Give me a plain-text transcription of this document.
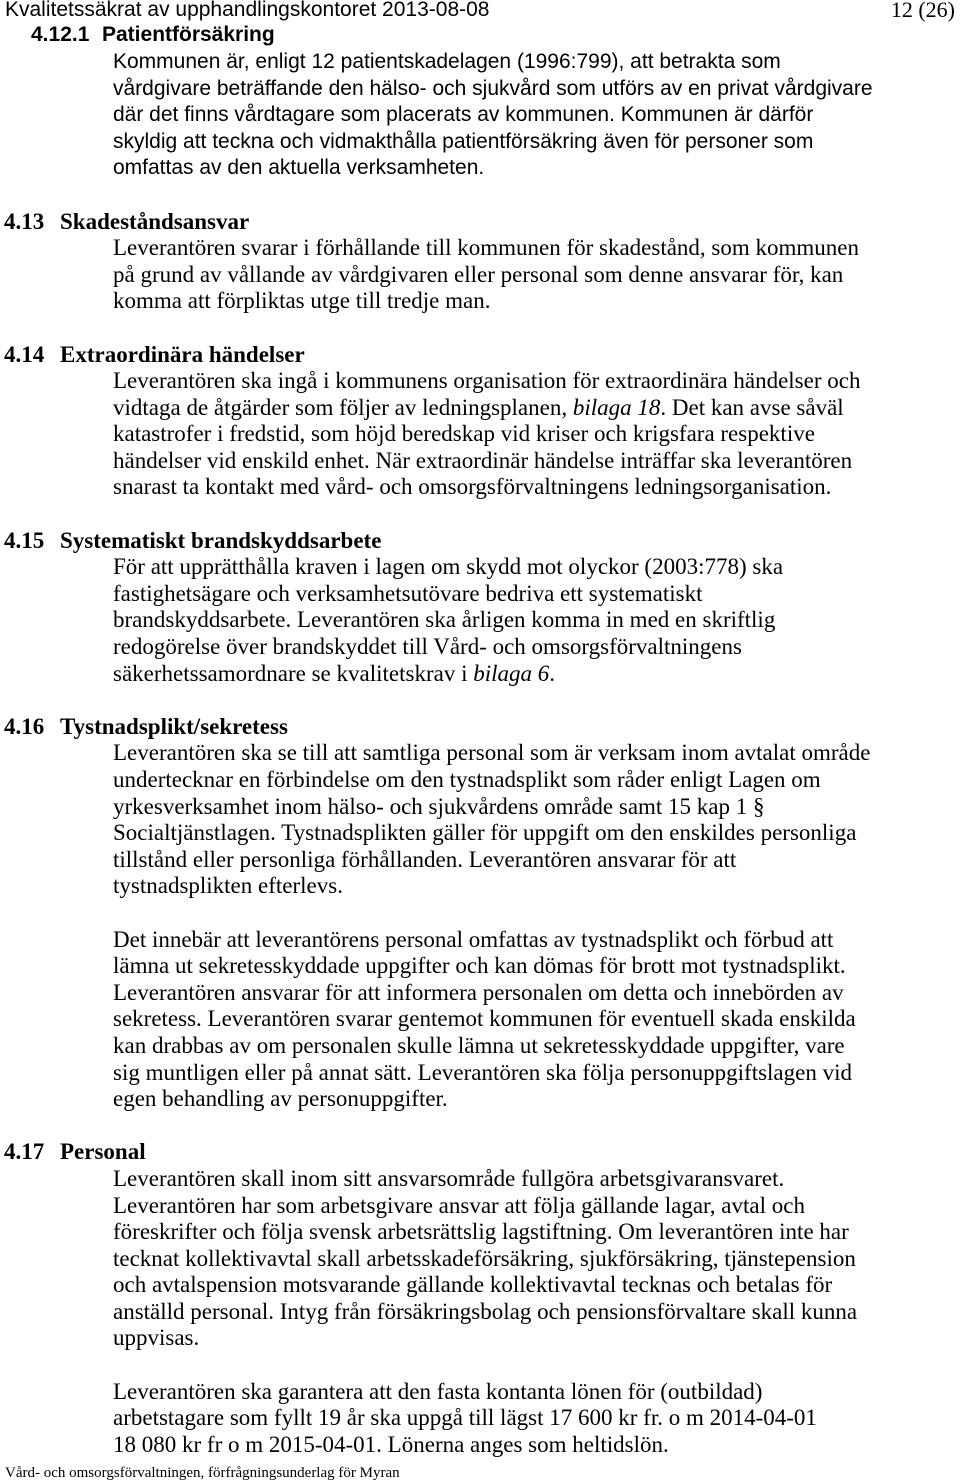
Kvalitetssäkrat av upphandlingskontoret 2013-08-08	12 (26)
4.12.1 Patientförsäkring
Kommunen är, enligt 12 patientskadelagen (1996:799), att betrakta som
vårdgivare beträffande den hälso- och sjukvård som utförs av en privat vårdgivare
där det finns vårdtagare som placerats av kommunen. Kommunen är därför
skyldig att teckna och vidmakthålla patientförsäkring även för personer som
omfattas av den aktuella verksamheten.
4.13 Skadeståndsansvar
Leverantören svarar i förhållande till kommunen för skadestånd, som kommunen
på grund av vållande av vårdgivaren eller personal som denne ansvarar för, kan
komma att förpliktas utge till tredje man.
4.14 Extraordinära händelser
Leverantören ska ingå i kommunens organisation för extraordinära händelser och
vidtaga de åtgärder som följer av ledningsplanen, bilaga 18. Det kan avse såväl
katastrofer i fredstid, som höjd beredskap vid kriser och krigsfara respektive
händelser vid enskild enhet. När extraordinär händelse inträffar ska leverantören
snarast ta kontakt med vård- och omsorgsförvaltningens ledningsorganisation.
4.15 Systematiskt brandskyddsarbete
För att upprätthålla kraven i lagen om skydd mot olyckor (2003:778) ska
fastighetsägare och verksamhetsutövare bedriva ett systematiskt
brandskyddsarbete. Leverantören ska årligen komma in med en skriftlig
redogörelse över brandskyddet till Vård- och omsorgsförvaltningens
säkerhetssamordnare se kvalitetskrav i bilaga 6.
4.16 Tystnadsplikt/sekretess
Leverantören ska se till att samtliga personal som är verksam inom avtalat område
undertecknar en förbindelse om den tystnadsplikt som råder enligt Lagen om
yrkesverksamhet inom hälso- och sjukvårdens område samt 15 kap 1 §
Socialtjänstlagen. Tystnadsplikten gäller för uppgift om den enskildes personliga
tillstånd eller personliga förhållanden. Leverantören ansvarar för att
tystnadsplikten efterlevs.
Det innebär att leverantörens personal omfattas av tystnadsplikt och förbud att
lämna ut sekretesskyddade uppgifter och kan dömas för brott mot tystnadsplikt.
Leverantören ansvarar för att informera personalen om detta och innebörden av
sekretess. Leverantören svarar gentemot kommunen för eventuell skada enskilda
kan drabbas av om personalen skulle lämna ut sekretesskyddade uppgifter, vare
sig muntligen eller på annat sätt. Leverantören ska följa personuppgiftslagen vid
egen behandling av personuppgifter.
4.17 Personal
Leverantören skall inom sitt ansvarsområde fullgöra arbetsgivaransvaret.
Leverantören har som arbetsgivare ansvar att följa gällande lagar, avtal och
föreskrifter och följa svensk arbetsrättslig lagstiftning. Om leverantören inte har
tecknat kollektivavtal skall arbetsskadeförsäkring, sjukförsäkring, tjänstepension
och avtalspension motsvarande gällande kollektivavtal tecknas och betalas för
anställd personal. Intyg från försäkringsbolag och pensionsförvaltare skall kunna
uppvisas.
Leverantören ska garantera att den fasta kontanta lönen för (outbildad)
arbetstagare som fyllt 19 år ska uppgå till lägst 17 600 kr fr. o m 2014-04-01
18 080 kr fr o m 2015-04-01. Lönerna anges som heltidslön.
Vård- och omsorgsförvaltningen, förfrågningsunderlag för Myran
